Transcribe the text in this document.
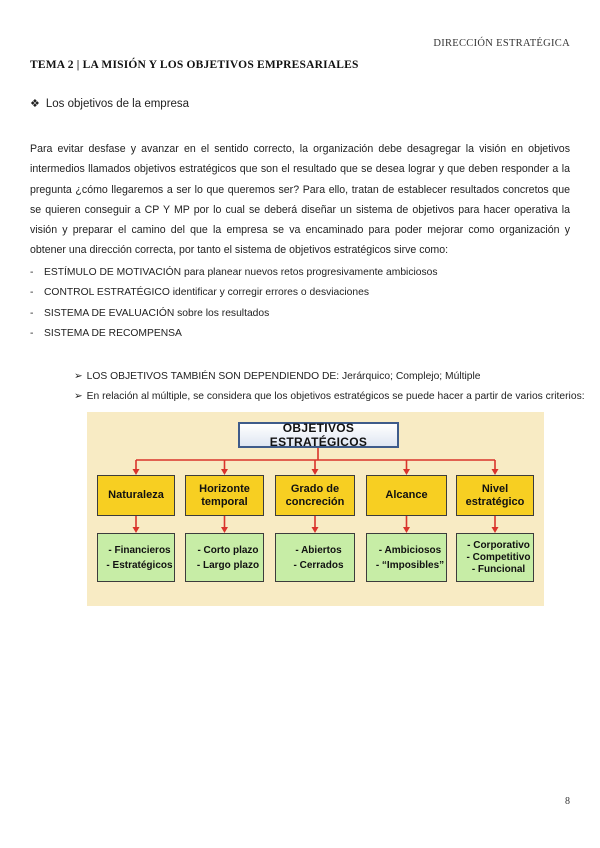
DIRECCIÓN ESTRATÉGICA
TEMA 2 | LA MISIÓN Y LOS OBJETIVOS EMPRESARIALES
❖ Los objetivos de la empresa

Para evitar desfase y avanzar en el sentido correcto, la organización debe desagregar la visión en objetivos intermedios llamados objetivos estratégicos que son el resultado que se desea lograr y que deben responder a la pregunta ¿cómo llegaremos a ser lo que queremos ser? Para ello, tratan de establecer resultados concretos que se quieren conseguir a CP Y MP por lo cual se deberá diseñar un sistema de objetivos para hacer operativa la visión y preparar el camino del que la empresa se va encaminado para poder mejorar como organización y obtener una dirección correcta, por tanto el sistema de objetivos estratégicos sirve como:

- ESTÍMULO DE MOTIVACIÓN para planear nuevos retos progresivamente ambiciosos
- CONTROL ESTRATÉGICO identificar y corregir errores o desviaciones
- SISTEMA DE EVALUACIÓN sobre los resultados
- SISTEMA DE RECOMPENSA
➢ LOS OBJETIVOS TAMBIÉN SON DEPENDIENDO DE: Jerárquico; Complejo; Múltiple
➢ En relación al múltiple, se considera que los objetivos estratégicos se puede hacer a partir de varios criterios:
OBJETIVOS ESTRATÉGICOS
Naturaleza
- Financieros
- Estratégicos
Horizonte
temporal
- Corto plazo
- Largo plazo
Grado de
concreción
- Abiertos
- Cerrados
Alcance
- Ambiciosos
- “Imposibles”
Nivel
estratégico
- Corporativo
- Competitivo
- Funcional
8
